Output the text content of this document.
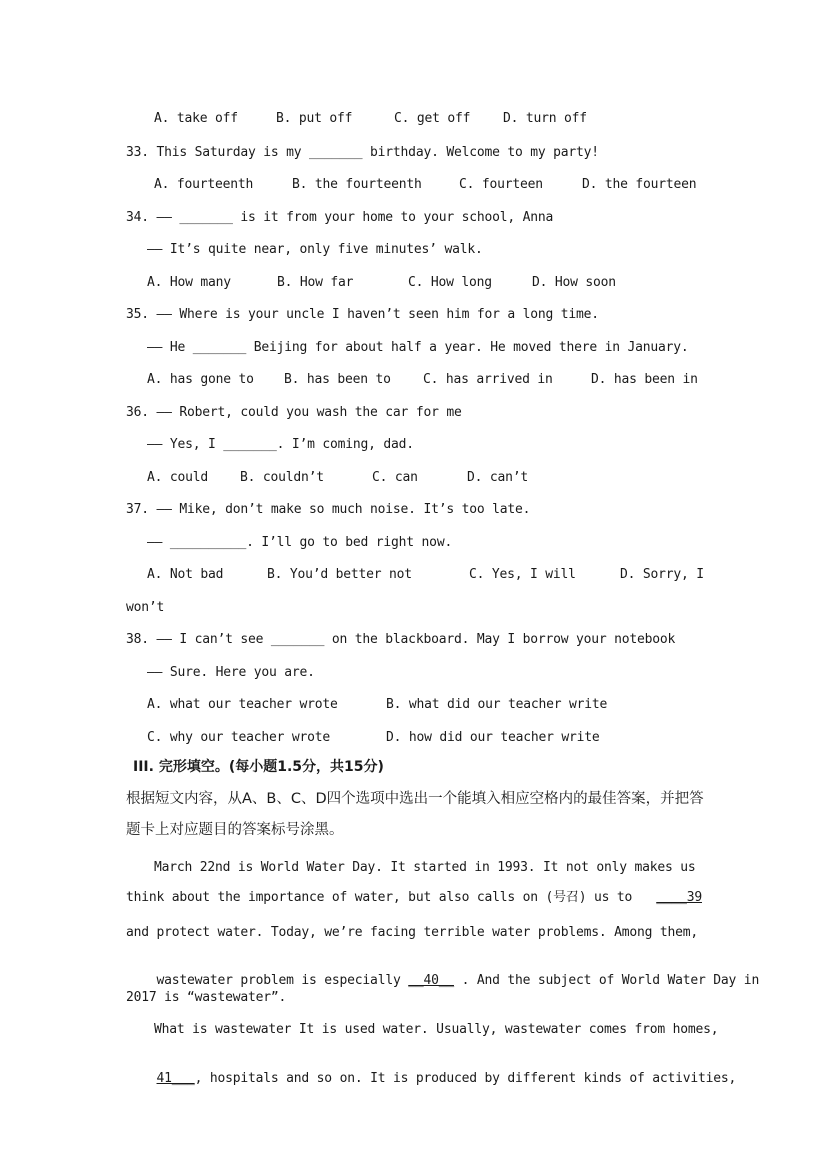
A. take off	B. put off	C. get off	D. turn off
33. This Saturday is my _______ birthday. Welcome to my party!
A. fourteenth	B. the fourteenth	C. fourteen	D. the fourteen
34. —— _______ is it from your home to your school, Anna
—— It’s quite near, only five minutes’ walk.
A. How many	B. How far	C. How long	D. How soon
35. —— Where is your uncle I haven’t seen him for a long time.
—— He _______ Beijing for about half a year. He moved there in January.
A. has gone to B. has been to C. has arrived in	D. has been in
36. —— Robert, could you wash the car for me
—— Yes, I _______. I’m coming, dad.
A. could B. couldn’t	C. can	D. can’t
37. —— Mike, don’t make so much noise. It’s too late.
—— __________. I’ll go to bed right now.
A. Not bad	B. You’d better not	C. Yes, I will	D. Sorry, I
won’t
38. —— I can’t see _______ on the blackboard. May I borrow your notebook
—— Sure. Here you are.
A. what our teacher wrote	B. what did our teacher write
C. why our teacher wrote	D. how did our teacher write
III. 完形填空。(每小题1.5分，共15分)
根据短文内容，从A、B、C、D四个选项中选出一个能填入相应空格内的最佳答案，并把答
题卡上对应题目的答案标号涂黑。
March 22nd is World Water Day. It started in 1993. It not only makes us
think about the importance of water, but also calls on (号召) us to ____39
and protect water. Today, we’re facing terrible water problems. Among them,

wastewater problem is especially __40__ . And the subject of World Water Day in

2017 is “wastewater”.
What is wastewater It is used water. Usually, wastewater comes from homes,

41___, hospitals and so on. It is produced by different kinds of activities,
